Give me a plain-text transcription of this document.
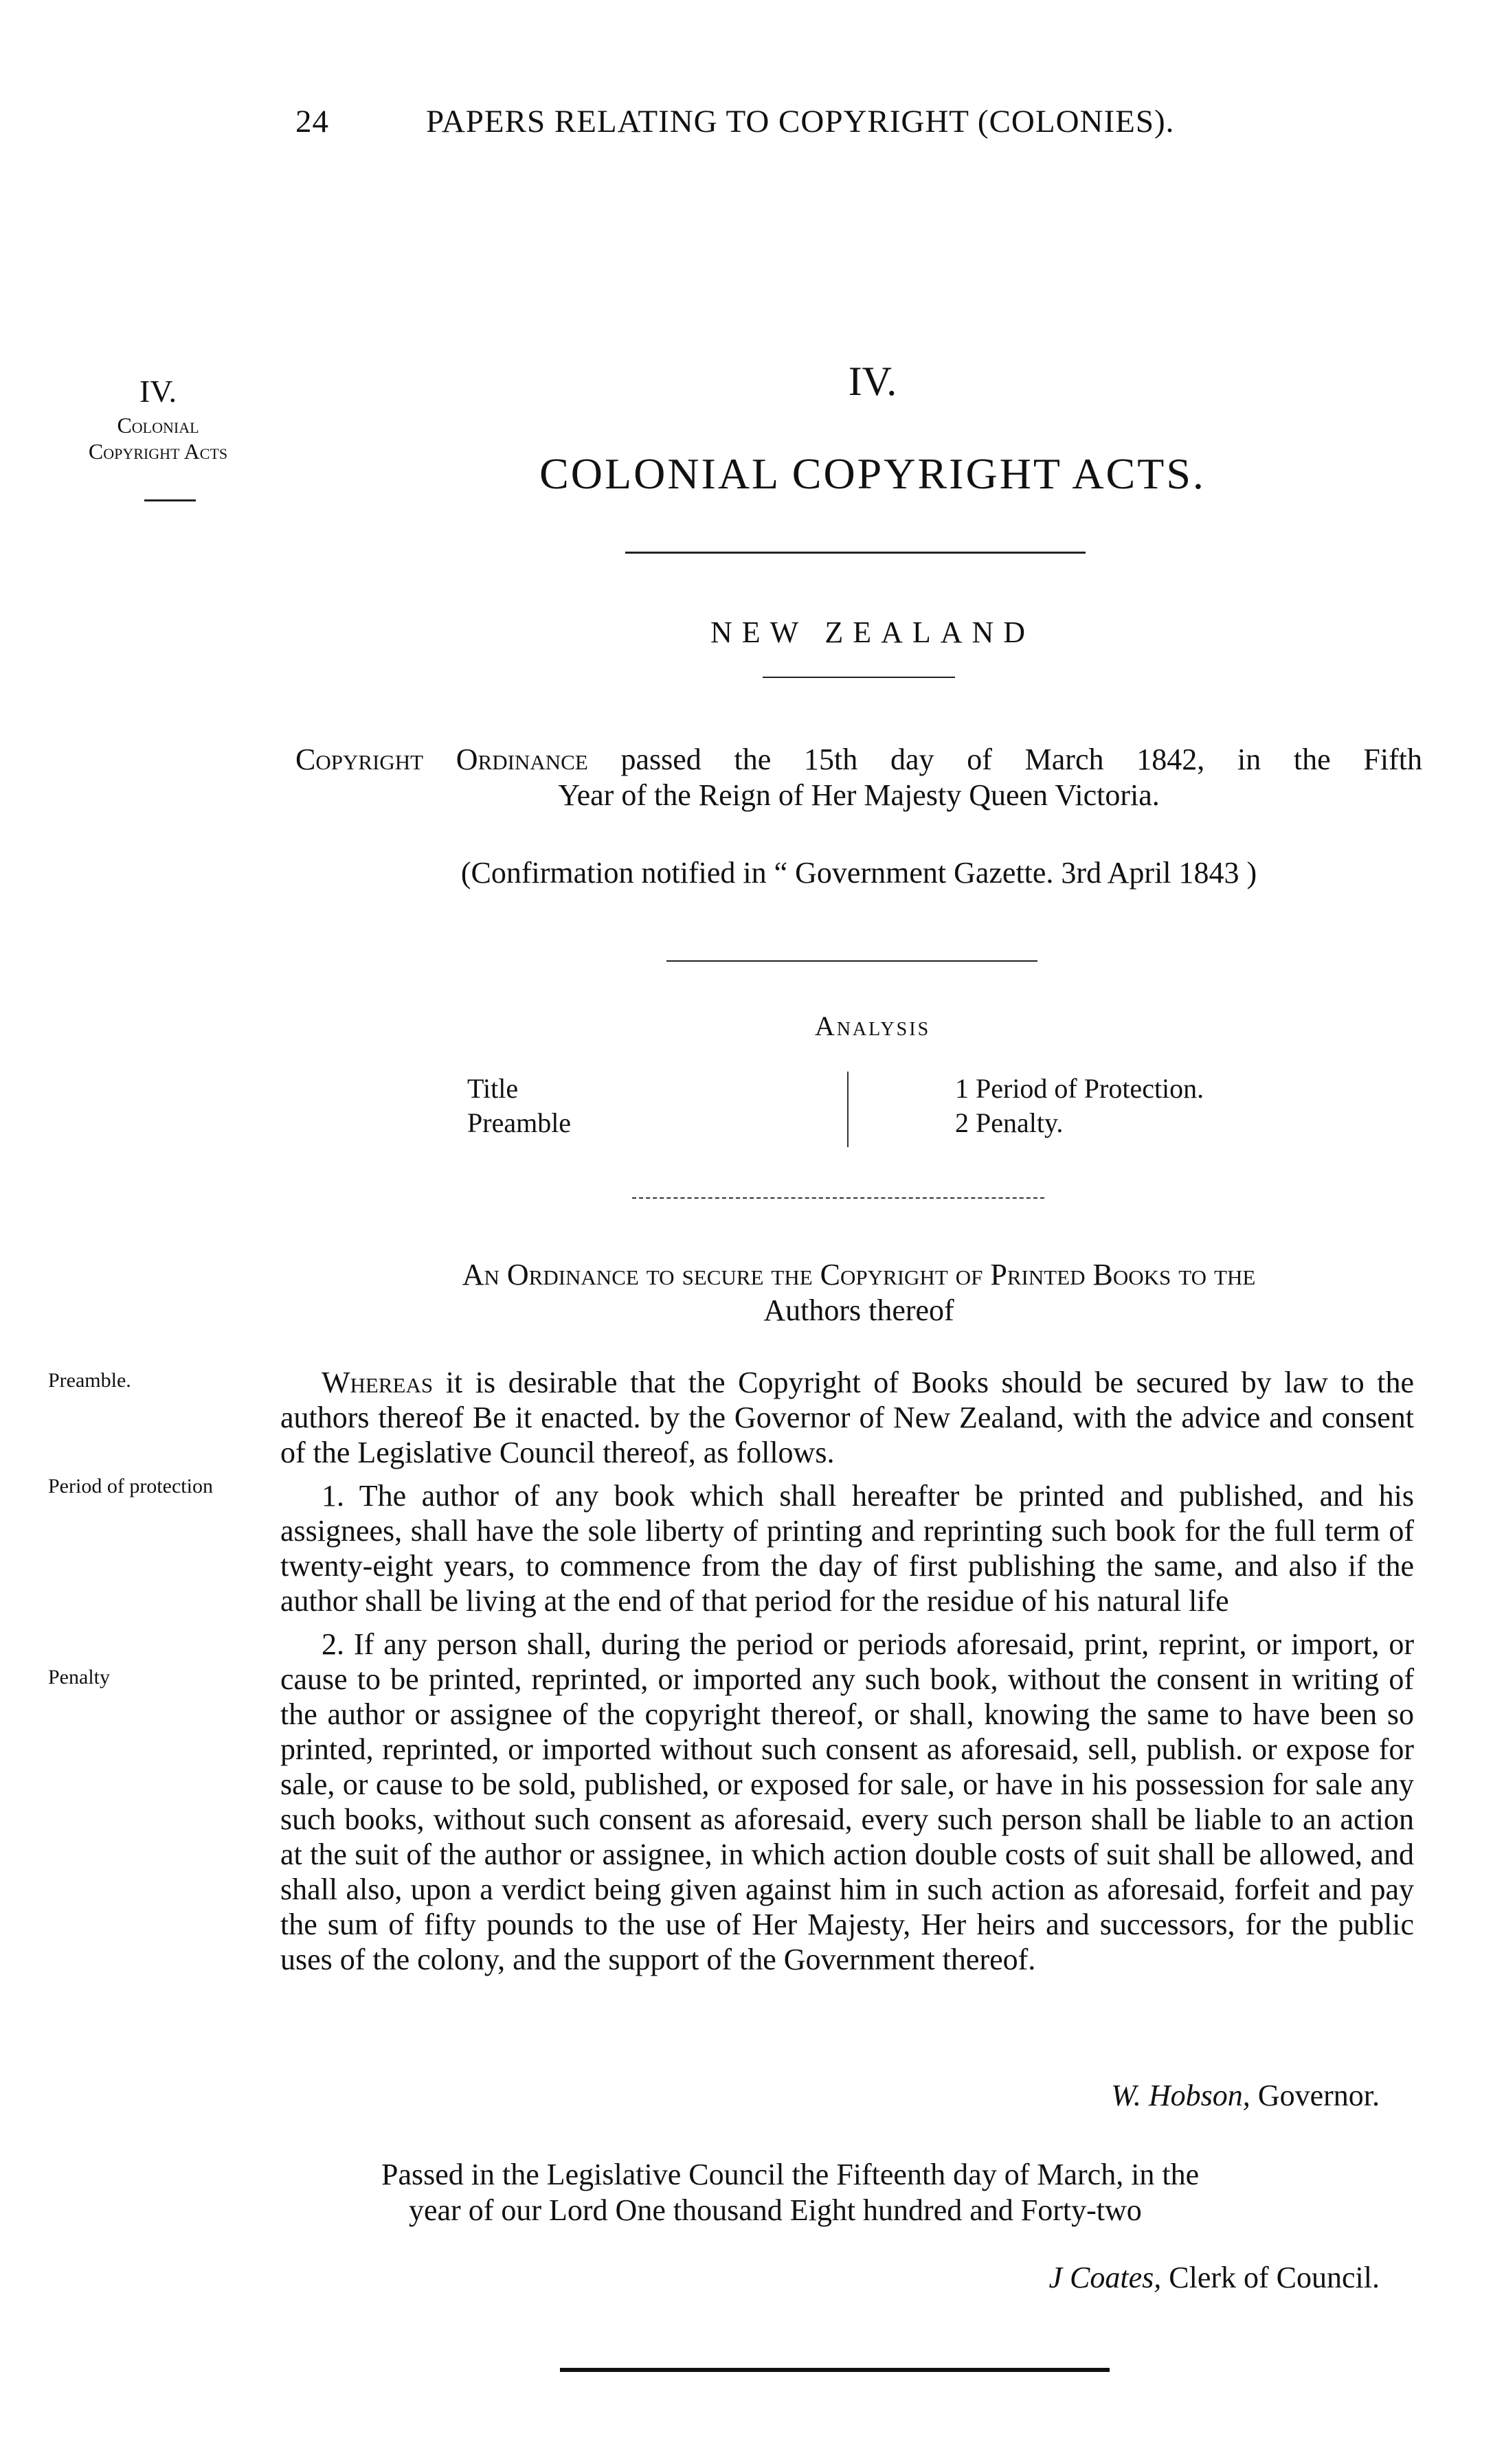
24	PAPERS RELATING TO COPYRIGHT (COLONIES).
IV.
Colonial
Copyright Acts
IV.
COLONIAL COPYRIGHT ACTS.
NEW ZEALAND
Copyright Ordinance passed the 15th day of March 1842, in the Fifth
Year of the Reign of Her Majesty Queen Victoria.
(Confirmation notified in “ Government Gazette. 3rd April 1843 )
Analysis
Title
Preamble
1 Period of Protection.
2 Penalty.
An Ordinance to secure the Copyright of Printed Books to the
Authors thereof
Preamble.
Period of protection
Penalty

Whereas it is desirable that the Copyright of Books should be secured by law to the authors thereof Be it enacted. by the Governor of New Zealand, with the advice and consent of the Legislative Council thereof, as follows.

1. The author of any book which shall hereafter be printed and published, and his assignees, shall have the sole liberty of printing and reprinting such book for the full term of twenty-eight years, to commence from the day of first publishing the same, and also if the author shall be living at the end of that period for the residue of his natural life

2. If any person shall, during the period or periods aforesaid, print, reprint, or import, or cause to be printed, reprinted, or imported any such book, without the consent in writing of the author or assignee of the copyright thereof, or shall, knowing the same to have been so printed, reprinted, or imported without such consent as aforesaid, sell, publish. or expose for sale, or cause to be sold, published, or exposed for sale, or have in his possession for sale any such books, without such consent as aforesaid, every such person shall be liable to an action at the suit of the author or assignee, in which action double costs of suit shall be allowed, and shall also, upon a verdict being given against him in such action as aforesaid, forfeit and pay the sum of fifty pounds to the use of Her Majesty, Her heirs and successors, for the public uses of the colony, and the support of the Government thereof.

W. Hobson, Governor.
Passed in the Legislative Council the Fifteenth day of March, in the
year of our Lord One thousand Eight hundred and Forty-two
J Coates, Clerk of Council.
